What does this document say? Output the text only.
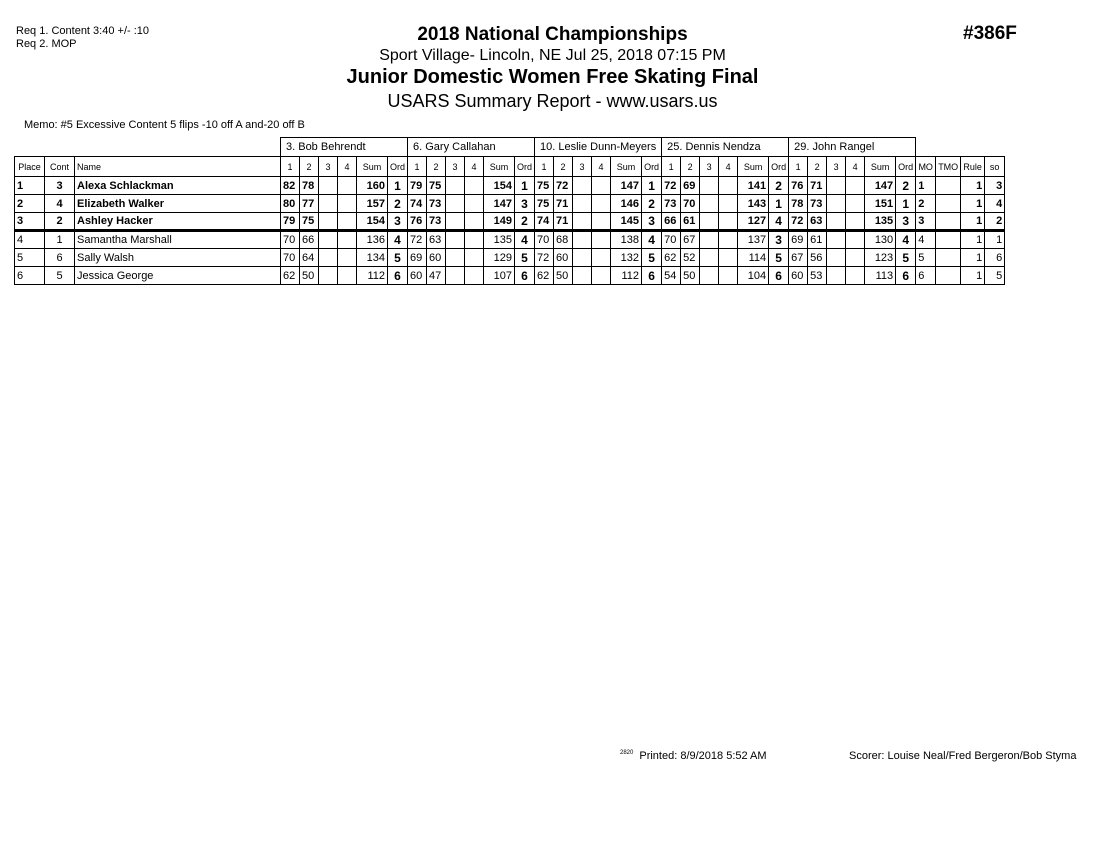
Req 1. Content 3:40 +/- :10
Req 2. MOP	2018 National Championships
Sport Village- Lincoln, NE Jul 25, 2018 07:15 PM
Junior Domestic Women Free Skating Final
USARS Summary Report - www.usars.us
#386F
Memo: #5 Excessive Content 5 flips -10 off A and-20 off B
			3. Bob Behrendt						6. Gary Callahan						10. Leslie Dunn-Meyers						25. Dennis Nendza						29. John Rangel									
Place	Cont	Name	1	2	3	4	Sum	Ord	1	2	3	4	Sum	Ord	1	2	3	4	Sum	Ord	1	2	3	4	Sum	Ord	1	2	3	4	Sum	Ord	MO	TMO	Rule	so
1	3	Alexa Schlackman	82	78			160	1	79	75			154	1	75	72			147	1	72	69			141	2	76	71			147	2	1		1	3
2	4	Elizabeth Walker	80	77			157	2	74	73			147	3	75	71			146	2	73	70			143	1	78	73			151	1	2		1	4
3	2	Ashley Hacker	79	75			154	3	76	73			149	2	74	71			145	3	66	61			127	4	72	63			135	3	3		1	2
4	1	Samantha Marshall	70	66			136	4	72	63			135	4	70	68			138	4	70	67			137	3	69	61			130	4	4		1	1
5	6	Sally Walsh	70	64			134	5	69	60			129	5	72	60			132	5	62	52			114	5	67	56			123	5	5		1	6
6	5	Jessica George	62	50			112	6	60	47			107	6	62	50			112	6	54	50			104	6	60	53			113	6	6		1	5
$^{2820}$ Printed: 8/9/2018 5:52 AM	Scorer: Louise Neal/Fred Bergeron/Bob Styma
